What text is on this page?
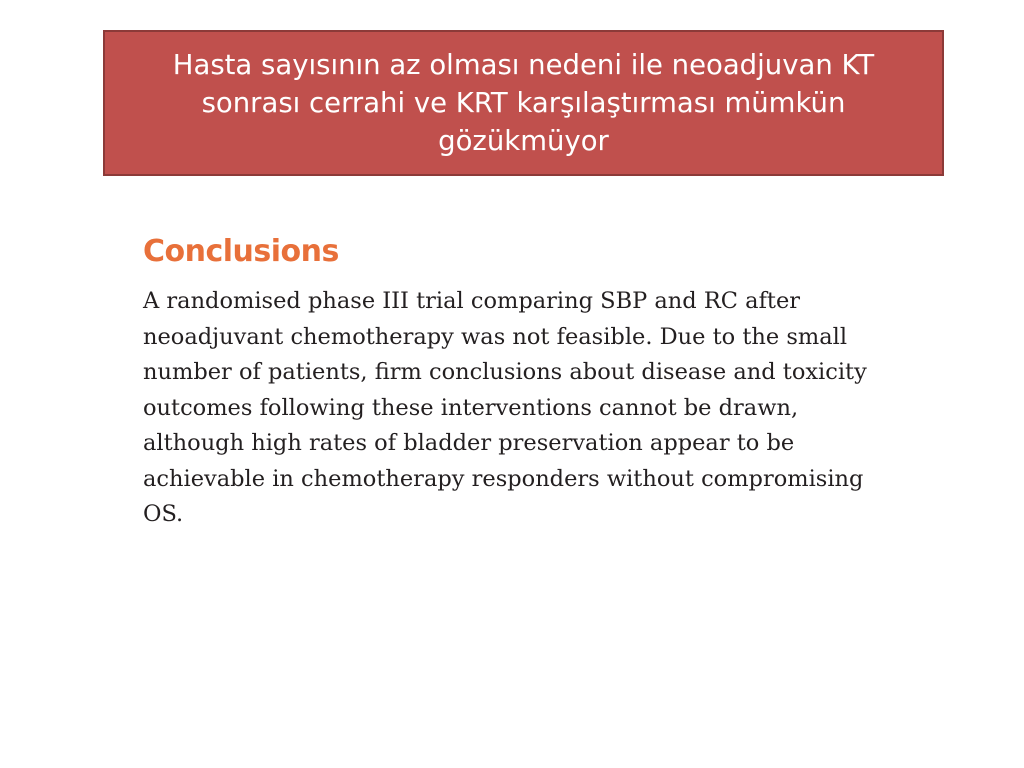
Hasta sayısının az olması nedeni ile neoadjuvan KT sonrası cerrahi ve KRT karşılaştırması mümkün gözükmüyor

Conclusions

A randomised phase III trial comparing SBP and RC after neoadjuvant chemotherapy was not feasible. Due to the small number of patients, firm conclusions about disease and toxicity outcomes following these interventions cannot be drawn, although high rates of bladder preservation appear to be achievable in chemotherapy responders without compromising OS.
